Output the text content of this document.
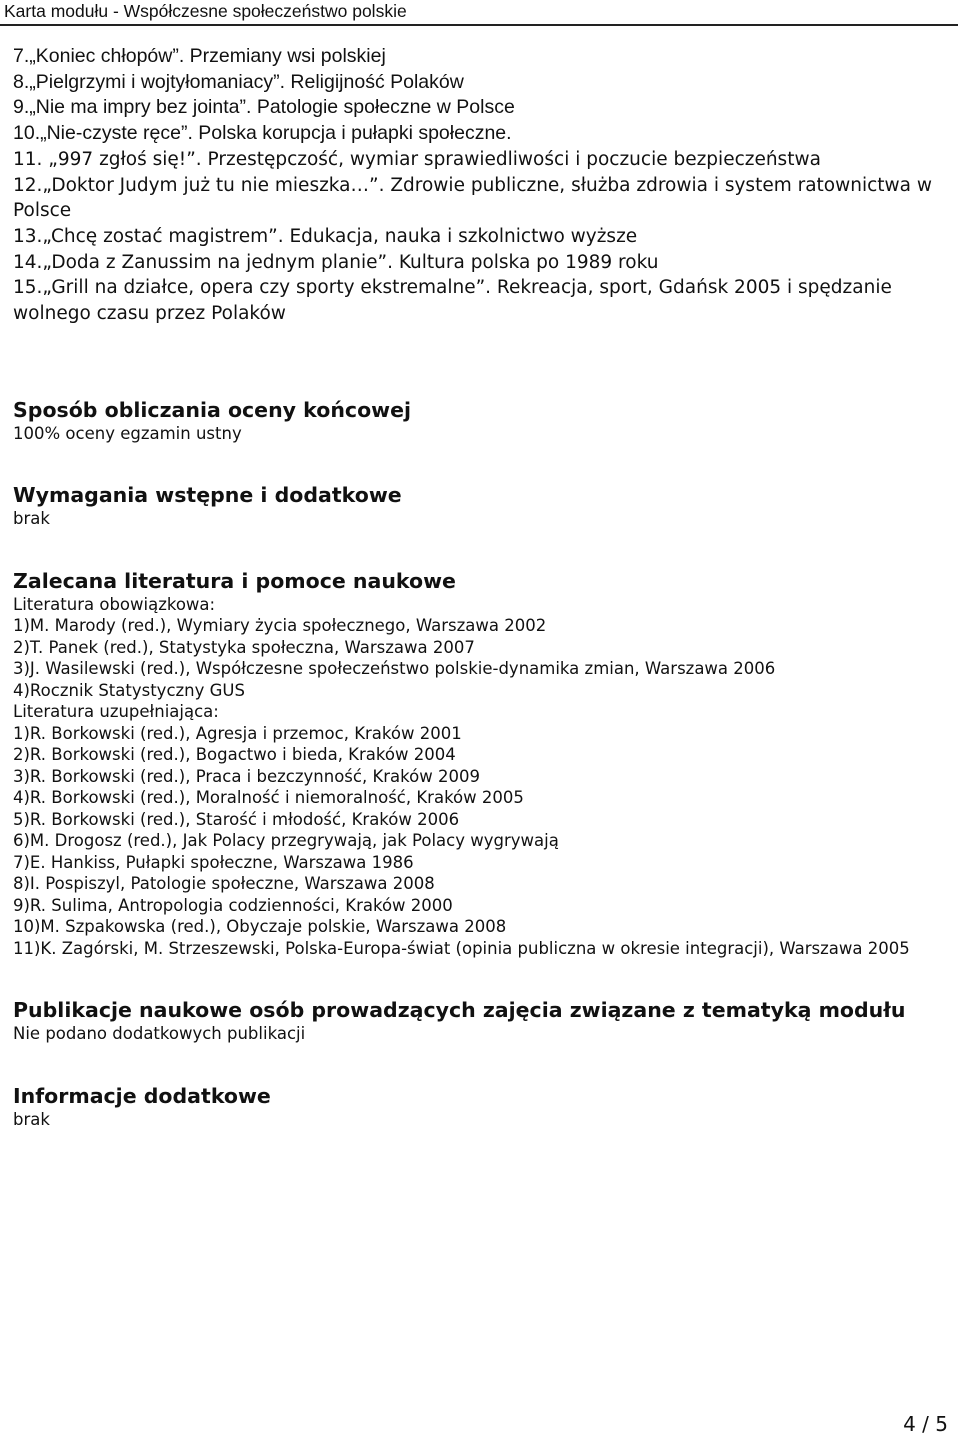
Karta modułu - Współczesne społeczeństwo polskie
7.„Koniec chłopów”. Przemiany wsi polskiej
8.„Pielgrzymi i wojtyłomaniacy”. Religijność Polaków
9.„Nie ma impry bez jointa”. Patologie społeczne w Polsce
10.„Nie-czyste ręce”. Polska korupcja i pułapki społeczne.
11. „997 zgłoś się!”. Przestępczość, wymiar sprawiedliwości i poczucie bezpieczeństwa
12.„Doktor Judym już tu nie mieszka…”. Zdrowie publiczne, służba zdrowia i system ratownictwa w Polsce
13.„Chcę zostać magistrem”. Edukacja, nauka i szkolnictwo wyższe
14.„Doda z Zanussim na jednym planie”. Kultura polska po 1989 roku
15.„Grill na działce, opera czy sporty ekstremalne”. Rekreacja, sport, Gdańsk 2005 i spędzanie wolnego czasu przez Polaków
Sposób obliczania oceny końcowej
100% oceny egzamin ustny
Wymagania wstępne i dodatkowe
brak
Zalecana literatura i pomoce naukowe
Literatura obowiązkowa:
1)M. Marody (red.), Wymiary życia społecznego, Warszawa 2002
2)T. Panek (red.), Statystyka społeczna, Warszawa 2007
3)J. Wasilewski (red.), Współczesne społeczeństwo polskie-dynamika zmian, Warszawa 2006
4)Rocznik Statystyczny GUS
Literatura uzupełniająca:
1)R. Borkowski (red.), Agresja i przemoc, Kraków 2001
2)R. Borkowski (red.), Bogactwo i bieda, Kraków 2004
3)R. Borkowski (red.), Praca i bezczynność, Kraków 2009
4)R. Borkowski (red.), Moralność i niemoralność, Kraków 2005
5)R. Borkowski (red.), Starość i młodość, Kraków 2006
6)M. Drogosz (red.), Jak Polacy przegrywają, jak Polacy wygrywają
7)E. Hankiss, Pułapki społeczne, Warszawa 1986
8)I. Pospiszyl, Patologie społeczne, Warszawa 2008
9)R. Sulima, Antropologia codzienności, Kraków 2000
10)M. Szpakowska (red.), Obyczaje polskie, Warszawa 2008
11)K. Zagórski, M. Strzeszewski, Polska-Europa-świat (opinia publiczna w okresie integracji), Warszawa 2005
Publikacje naukowe osób prowadzących zajęcia związane z tematyką modułu
Nie podano dodatkowych publikacji
Informacje dodatkowe
brak
4 / 5
